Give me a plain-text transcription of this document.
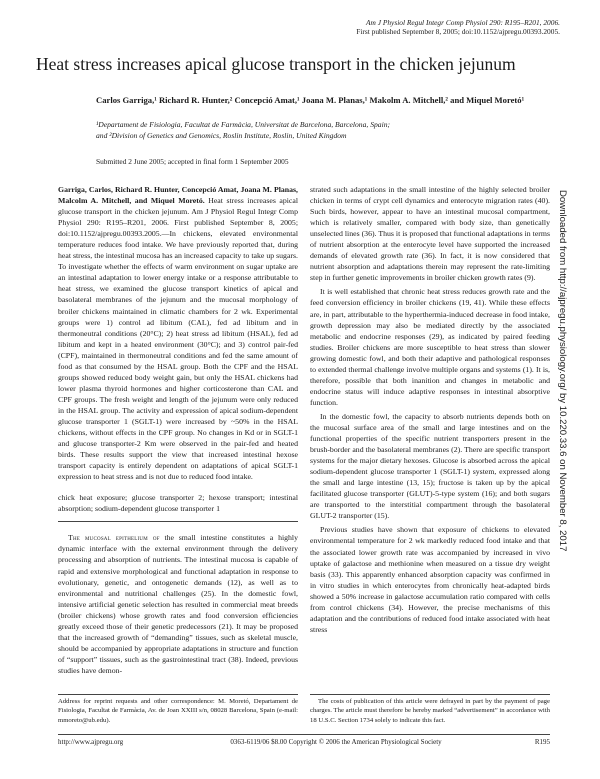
Am J Physiol Regul Integr Comp Physiol 290: R195–R201, 2006.
First published September 8, 2005; doi:10.1152/ajpregu.00393.2005.
Heat stress increases apical glucose transport in the chicken jejunum
Carlos Garriga,¹ Richard R. Hunter,² Concepció Amat,¹ Joana M. Planas,¹ Makolm A. Mitchell,² and Miquel Moretó¹
¹Departament de Fisiologia, Facultat de Farmàcia, Universitat de Barcelona, Barcelona, Spain;
and ²Division of Genetics and Genomics, Roslin Institute, Roslin, United Kingdom
Submitted 2 June 2005; accepted in final form 1 September 2005

Garriga, Carlos, Richard R. Hunter, Concepció Amat, Joana M. Planas, Malcolm A. Mitchell, and Miquel Moretó. Heat stress increases apical glucose transport in the chicken jejunum. Am J Physiol Regul Integr Comp Physiol 290: R195–R201, 2006. First published September 8, 2005; doi:10.1152/ajpregu.00393.2005.—In chickens, elevated environmental temperature reduces food intake. We have previously reported that, during heat stress, the intestinal mucosa has an increased capacity to take up sugars. To investigate whether the effects of warm environment on sugar uptake are an intestinal adaptation to lower energy intake or a response attributable to heat stress, we examined the glucose transport kinetics of apical and basolateral membranes of the jejunum and the mucosal morphology of broiler chickens maintained in climatic chambers for 2 wk. Experimental groups were 1) control ad libitum (CAL), fed ad libitum and in thermoneutral conditions (20°C); 2) heat stress ad libitum (HSAL), fed ad libitum and kept in a heated environment (30°C); and 3) control pair-fed (CPF), maintained in thermoneutral conditions and fed the same amount of food as that consumed by the HSAL group. Both the CPF and the HSAL groups showed reduced body weight gain, but only the HSAL chickens had lower plasma thyroid hormones and higher corticosterone than CAL and CPF groups. The fresh weight and length of the jejunum were only reduced in the HSAL group. The activity and expression of apical sodium-dependent glucose transporter 1 (SGLT-1) were increased by ~50% in the HSAL chickens, without effects in the CPF group. No changes in Kd or in SGLT-1 and glucose transporter-2 Km were observed in the pair-fed and heated birds. These results support the view that increased intestinal hexose transport capacity is entirely dependent on adaptations of apical SGLT-1 expression to heat stress and is not due to reduced food intake.

chick heat exposure; glucose transporter 2; hexose transport; intestinal absorption; sodium-dependent glucose transporter 1

The mucosal epithelium of the small intestine constitutes a highly dynamic interface with the external environment through the delivery processing and absorption of nutrients. The intestinal mucosa is capable of rapid and extensive morphological and functional adaptation in response to evolutionary, genetic, and ontogenetic demands (12), as well as to environmental and nutritional challenges (25). In the domestic fowl, intensive artificial genetic selection has resulted in commercial meat breeds (broiler chickens) whose growth rates and food conversion efficiencies greatly exceed those of their genetic predecessors (21). It may be proposed that the increased growth of “demanding” tissues, such as skeletal muscle, should be accompanied by appropriate adaptations in structure and function of “support” tissues, such as the gastrointestinal tract (38). Indeed, previous studies have demon-

strated such adaptations in the small intestine of the highly selected broiler chicken in terms of crypt cell dynamics and enterocyte migration rates (40). Such birds, however, appear to have an intestinal mucosal compartment, which is relatively smaller, compared with body size, than genetically unselected lines (36). Thus it is proposed that functional adaptations in terms of nutrient absorption at the enterocyte level have supported the increased demands of elevated growth rate (36). In fact, it is now considered that nutrient absorption and adaptations therein may represent the rate-limiting step in further genetic improvements in broiler chicken growth rates (9).

It is well established that chronic heat stress reduces growth rate and the feed conversion efficiency in broiler chickens (19, 41). While these effects are, in part, attributable to the hyperthermia-induced decrease in food intake, growth depression may also be mediated directly by the associated metabolic and endocrine responses (29), as indicated by paired feeding studies. Broiler chickens are more susceptible to heat stress than slower growing domestic fowl, and both their adaptive and pathological responses to extended thermal challenge involve multiple organs and systems (1). It is, therefore, possible that both inanition and changes in metabolic and endocrine status will induce adaptive responses in intestinal absorptive function.

In the domestic fowl, the capacity to absorb nutrients depends both on the mucosal surface area of the small and large intestines and on the functional properties of the specific nutrient transporters present in the brush-border and the basolateral membranes (2). There are specific transport systems for the major dietary hexoses. Glucose is absorbed across the apical sodium-dependent glucose transporter 1 (SGLT-1) system, expressed along the small and large intestine (13, 15); fructose is taken up by the apical facilitated glucose transporter (GLUT)-5-type system (16); and both sugars are transported to the interstitial compartment through the basolateral GLUT-2 transporter (15).

Previous studies have shown that exposure of chickens to elevated environmental temperature for 2 wk markedly reduced food intake and that the associated lower growth rate was accompanied by increased in vivo uptake of galactose and methionine when measured on a tissue dry weight basis (33). This apparently enhanced absorption capacity was confirmed in in vitro studies in which enterocytes from chronically heat-adapted birds showed a 50% increase in galactose accumulation ratio compared with cells from control chickens (34). However, the precise mechanisms of this adaptation and the contributions of reduced food intake associated with heat stress

Address for reprint requests and other correspondence: M. Moretó, Departament de Fisiologia, Facultat de Farmàcia, Av. de Joan XXIII s/n, 08028 Barcelona, Spain (e-mail: mmoreto@ub.edu).
The costs of publication of this article were defrayed in part by the payment of page charges. The article must therefore be hereby marked “advertisement” in accordance with 18 U.S.C. Section 1734 solely to indicate this fact.
http://www.ajpregu.org	0363-6119/06 $8.00 Copyright © 2006 the American Physiological Society	R195
Downloaded from http://ajpregu.physiology.org/ by 10.220.33.6 on November 8, 2017
